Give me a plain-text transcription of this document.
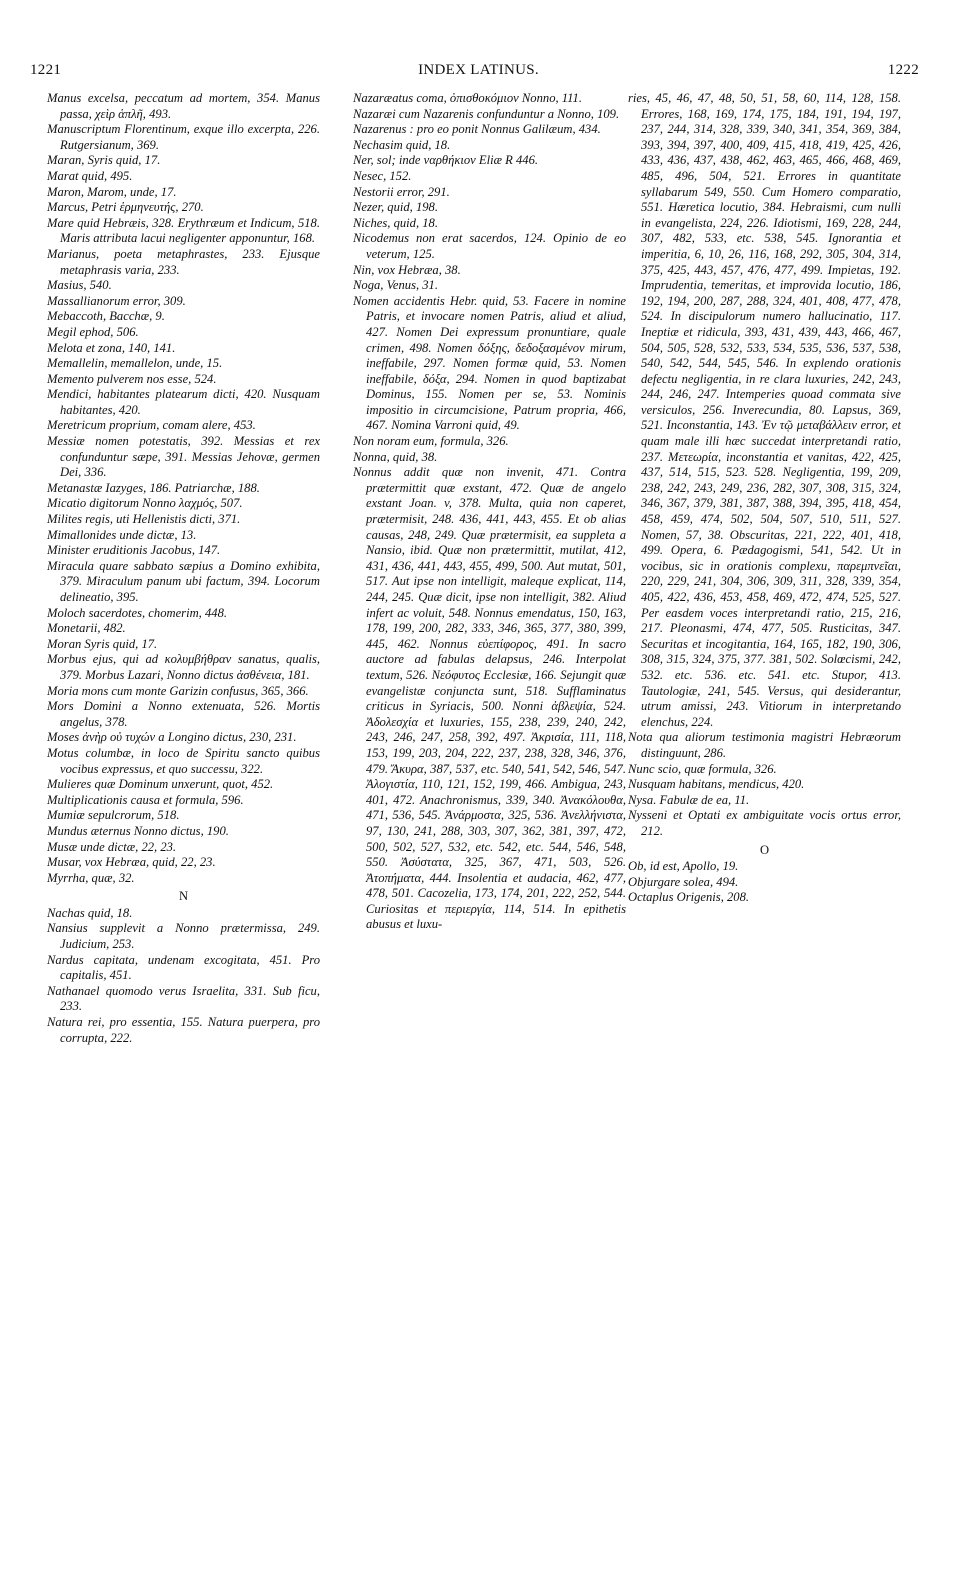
1221	INDEX LATINUS.	1222

Manus excelsa, peccatum ad mortem, 354. Manus passa, χεὶρ ἁπλῆ, 493.

Manuscriptum Florentinum, exque illo excerpta, 226. Rutgersianum, 369.

Maran, Syris quid, 17.

Marat quid, 495.

Maron, Marom, unde, 17.

Marcus, Petri ἑρμηνευτής, 270.

Mare quid Hebræis, 328. Erythræum et Indicum, 518. Maris attributa lacui negligenter apponuntur, 168.

Marianus, poeta metaphrastes, 233. Ejusque metaphrasis varia, 233.

Masius, 540.

Massallianorum error, 309.

Mebaccoth, Bacchæ, 9.

Megil ephod, 506.

Melota et zona, 140, 141.

Memallelin, memallelon, unde, 15.

Memento pulverem nos esse, 524.

Mendici, habitantes platearum dicti, 420. Nusquam habitantes, 420.

Meretricum proprium, comam alere, 453.

Messiæ nomen potestatis, 392. Messias et rex confunduntur sæpe, 391. Messias Jehovæ, germen Dei, 336.

Metanastæ Iazyges, 186. Patriarchæ, 188.

Micatio digitorum Nonno λαχμός, 507.

Milites regis, uti Hellenistis dicti, 371.

Mimallonides unde dictæ, 13.

Minister eruditionis Jacobus, 147.

Miracula quare sabbato sæpius a Domino exhibita, 379. Miraculum panum ubi factum, 394. Locorum delineatio, 395.

Moloch sacerdotes, chomerim, 448.

Monetarii, 482.

Moran Syris quid, 17.

Morbus ejus, qui ad κολυμβήθραν sanatus, qualis, 379. Morbus Lazari, Nonno dictus ἀσθένεια, 181.

Moria mons cum monte Garizin confusus, 365, 366.

Mors Domini a Nonno extenuata, 526. Mortis angelus, 378.

Moses ἀνὴρ οὐ τυχών a Longino dictus, 230, 231.

Motus columbæ, in loco de Spiritu sancto quibus vocibus expressus, et quo successu, 322.

Mulieres quæ Dominum unxerunt, quot, 452.

Multiplicationis causa et formula, 596.

Mumiæ sepulcrorum, 518.

Mundus æternus Nonno dictus, 190.

Musæ unde dictæ, 22, 23.

Musar, vox Hebræa, quid, 22, 23.

Myrrha, quæ, 32.

N

Nachas quid, 18.

Nansius supplevit a Nonno prætermissa, 249. Judicium, 253.

Nardus capitata, undenam excogitata, 451. Pro capitalis, 451.

Nathanael quomodo verus Israelita, 331. Sub ficu, 233.

Natura rei, pro essentia, 155. Natura puerpera, pro corrupta, 222.

Nazaræatus coma, ὀπισθοκόμιον Nonno, 111.

Nazaræi cum Nazarenis confunduntur a Nonno, 109.

Nazarenus : pro eo ponit Nonnus Galilæum, 434.

Nechasim quid, 18.

Ner, sol; inde ναρθήκιον Eliæ R 446.

Nesec, 152.

Nestorii error, 291.

Nezer, quid, 198.

Niches, quid, 18.

Nicodemus non erat sacerdos, 124. Opinio de eo veterum, 125.

Nin, vox Hebræa, 38.

Noga, Venus, 31.

Nomen accidentis Hebr. quid, 53. Facere in nomine Patris, et invocare nomen Patris, aliud et aliud, 427. Nomen Dei expressum pronuntiare, quale crimen, 498. Nomen δόξης, δεδοξασμένον mirum, ineffabile, 297. Nomen formæ quid, 53. Nomen ineffabile, δόξα, 294. Nomen in quod baptizabat Dominus, 155. Nomen per se, 53. Nominis impositio in circumcisione, Patrum propria, 466, 467. Nomina Varroni quid, 49.

Non noram eum, formula, 326.

Nonna, quid, 38.

Nonnus addit quæ non invenit, 471. Contra prætermittit quæ exstant, 472. Quæ de angelo exstant Joan. v, 378. Multa, quia non caperet, prætermisit, 248. 436, 441, 443, 455. Et ob alias causas, 248, 249. Quæ prætermisit, ea suppleta a Nansio, ibid. Quæ non prætermittit, mutilat, 412, 431, 436, 441, 443, 455, 499, 500. Aut mutat, 501, 517. Aut ipse non intelligit, maleque explicat, 114, 244, 245. Quæ dicit, ipse non intelligit, 382. Aliud infert ac voluit, 548. Nonnus emendatus, 150, 163, 178, 199, 200, 282, 333, 346, 365, 377, 380, 399, 445, 462. Nonnus εὐεπίφορος, 491. In sacro auctore ad fabulas delapsus, 246. Interpolat textum, 526. Νεόφυτος Ecclesiæ, 166. Sejungit quæ evangelistæ conjuncta sunt, 518. Sufflaminatus criticus in Syriacis, 500. Nonni ἀβλεψία, 524. Ἀδολεσχία et luxuries, 155, 238, 239, 240, 242, 243, 246, 247, 258, 392, 497. Ἀκρισία, 111, 118, 153, 199, 203, 204, 222, 237, 238, 328, 346, 376, 479. Ἄκυρα, 387, 537, etc. 540, 541, 542, 546, 547. Ἀλογιστία, 110, 121, 152, 199, 466. Ambigua, 243, 401, 472. Anachronismus, 339, 340. Ἀνακόλουθα, 471, 536, 545. Ἀνάρμοστα, 325, 536. Ἀνελλήνιστα, 97, 130, 241, 288, 303, 307, 362, 381, 397, 472, 500, 502, 527, 532, etc. 542, etc. 544, 546, 548, 550. Ἀσύστατα, 325, 367, 471, 503, 526. Ἀτοπήματα, 444. Insolentia et audacia, 462, 477, 478, 501. Cacozelia, 173, 174, 201, 222, 252, 544. Curiositas et περιεργία, 114, 514. In epithetis abusus et luxu-

ries, 45, 46, 47, 48, 50, 51, 58, 60, 114, 128, 158. Errores, 168, 169, 174, 175, 184, 191, 194, 197, 237, 244, 314, 328, 339, 340, 341, 354, 369, 384, 393, 394, 397, 400, 409, 415, 418, 419, 425, 426, 433, 436, 437, 438, 462, 463, 465, 466, 468, 469, 485, 496, 504, 521. Errores in quantitate syllabarum 549, 550. Cum Homero comparatio, 551. Hæretica locutio, 384. Hebraismi, cum nulli in evangelista, 224, 226. Idiotismi, 169, 228, 244, 307, 482, 533, etc. 538, 545. Ignorantia et imperitia, 6, 10, 26, 116, 168, 292, 305, 304, 314, 375, 425, 443, 457, 476, 477, 499. Impietas, 192. Imprudentia, temeritas, et improvida locutio, 186, 192, 194, 200, 287, 288, 324, 401, 408, 477, 478, 524. In discipulorum numero hallucinatio, 117. Ineptiæ et ridicula, 393, 431, 439, 443, 466, 467, 504, 505, 528, 532, 533, 534, 535, 536, 537, 538, 540, 542, 544, 545, 546. In explendo orationis defectu negligentia, in re clara luxuries, 242, 243, 244, 246, 247. Intemperies quoad commata sive versiculos, 256. Inverecundia, 80. Lapsus, 369, 521. Inconstantia, 143. Ἐν τῷ μεταβάλλειν error, et quam male illi hæc succedat interpretandi ratio, 237. Μετεωρία, inconstantia et vanitas, 422, 425, 437, 514, 515, 523. 528. Negligentia, 199, 209, 238, 242, 243, 249, 236, 282, 307, 308, 315, 324, 346, 367, 379, 381, 387, 388, 394, 395, 418, 454, 458, 459, 474, 502, 504, 507, 510, 511, 527. Nomen, 57, 38. Obscuritas, 221, 222, 401, 418, 499. Opera, 6. Pædagogismi, 541, 542. Ut in vocibus, sic in orationis complexu, παρεμπνεῖαι, 220, 229, 241, 304, 306, 309, 311, 328, 339, 354, 405, 422, 436, 453, 458, 469, 472, 474, 525, 527. Per easdem voces interpretandi ratio, 215, 216, 217. Pleonasmi, 474, 477, 505. Rusticitas, 347. Securitas et incogitantia, 164, 165, 182, 190, 306, 308, 315, 324, 375, 377. 381, 502. Solœcismi, 242, 532. etc. 536. etc. 541. etc. Stupor, 413. Tautologiæ, 241, 545. Versus, qui desiderantur, utrum amissi, 243. Vitiorum in interpretando elenchus, 224.

Nota qua aliorum testimonia magistri Hebræorum distinguunt, 286.

Nunc scio, quæ formula, 326.

Nusquam habitans, mendicus, 420.

Nysa. Fabulæ de ea, 11.

Nysseni et Optati ex ambiguitate vocis ortus error, 212.

O

Ob, id est, Apollo, 19.

Objurgare solea, 494.

Octaplus Origenis, 208.
